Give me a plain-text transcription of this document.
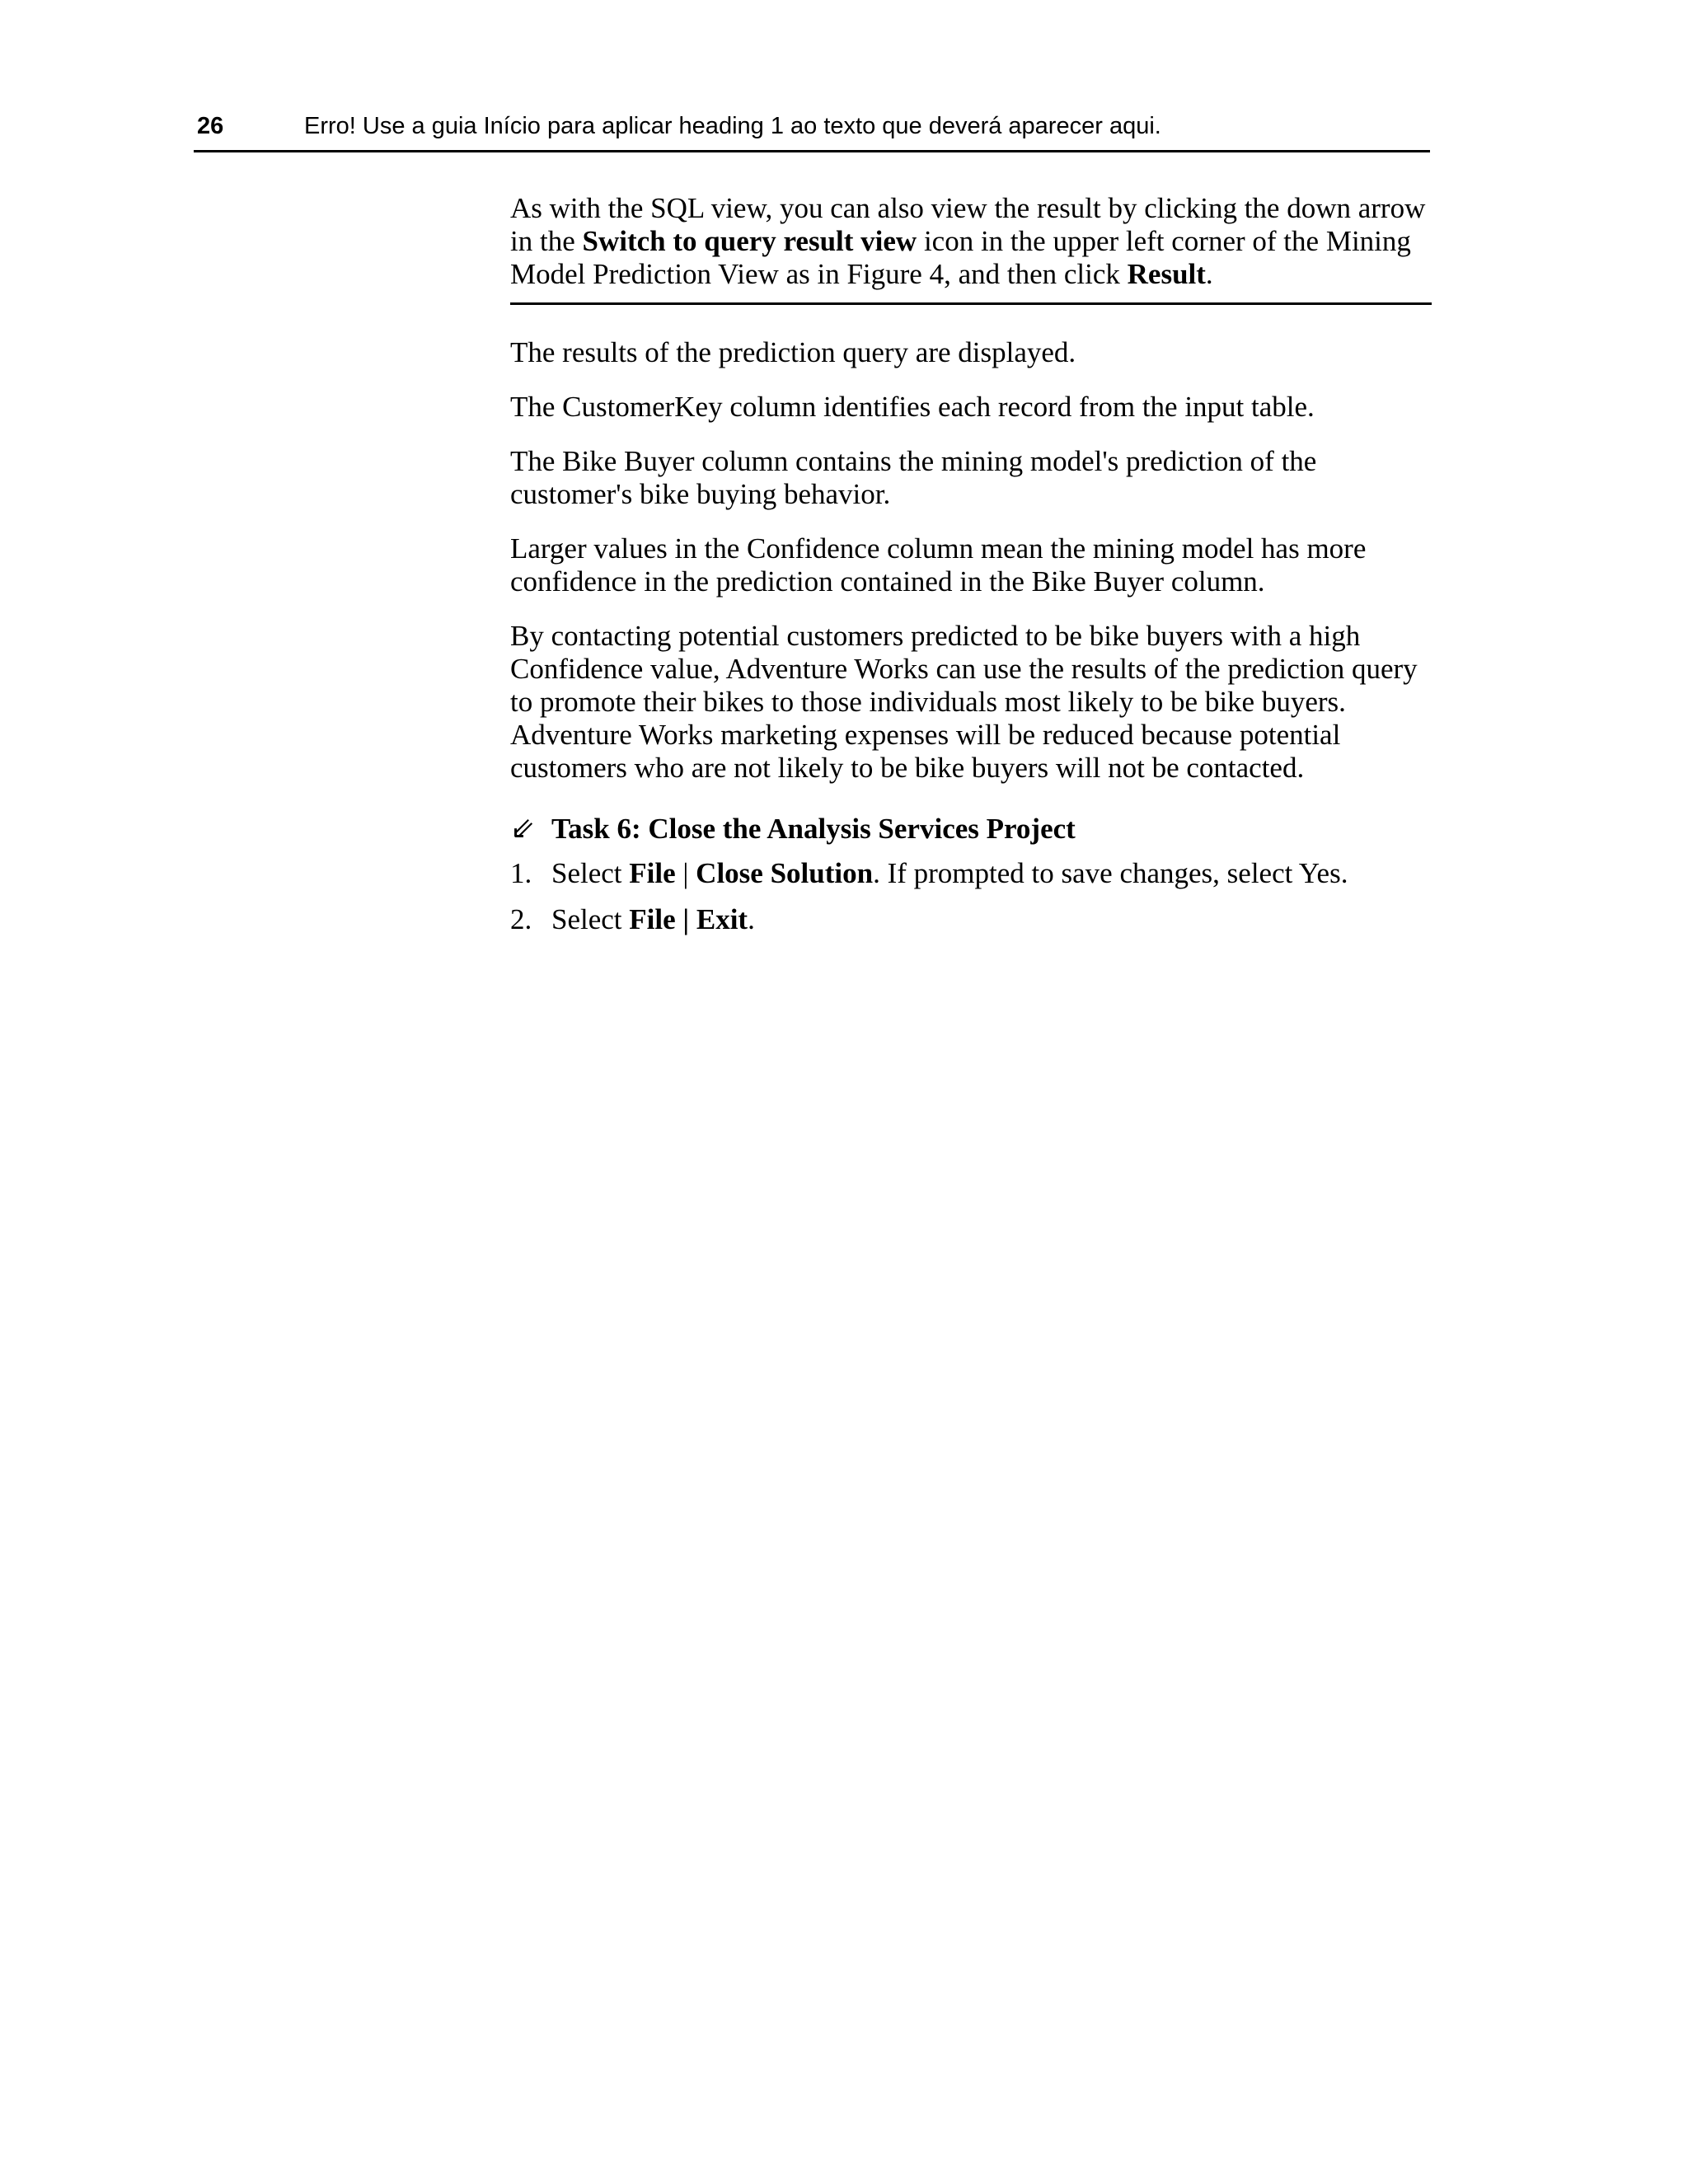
26	Erro! Use a guia Início para aplicar heading 1 ao texto que deverá aparecer aqui.

As with the SQL view, you can also view the result by clicking the down arrow in the Switch to query result view icon in the upper left corner of the Mining Model Prediction View as in Figure 4, and then click Result.

The results of the prediction query are displayed.

The CustomerKey column identifies each record from the input table.

The Bike Buyer column contains the mining model's prediction of the customer's bike buying behavior.

Larger values in the Confidence column mean the mining model has more confidence in the prediction contained in the Bike Buyer column.

By contacting potential customers predicted to be bike buyers with a high Confidence value, Adventure Works can use the results of the prediction query to promote their bikes to those individuals most likely to be bike buyers. Adventure Works marketing expenses will be reduced because potential customers who are not likely to be bike buyers will not be contacted.

⇙ Task 6: Close the Analysis Services Project
1. Select File | Close Solution. If prompted to save changes, select Yes.
2. Select File | Exit.
